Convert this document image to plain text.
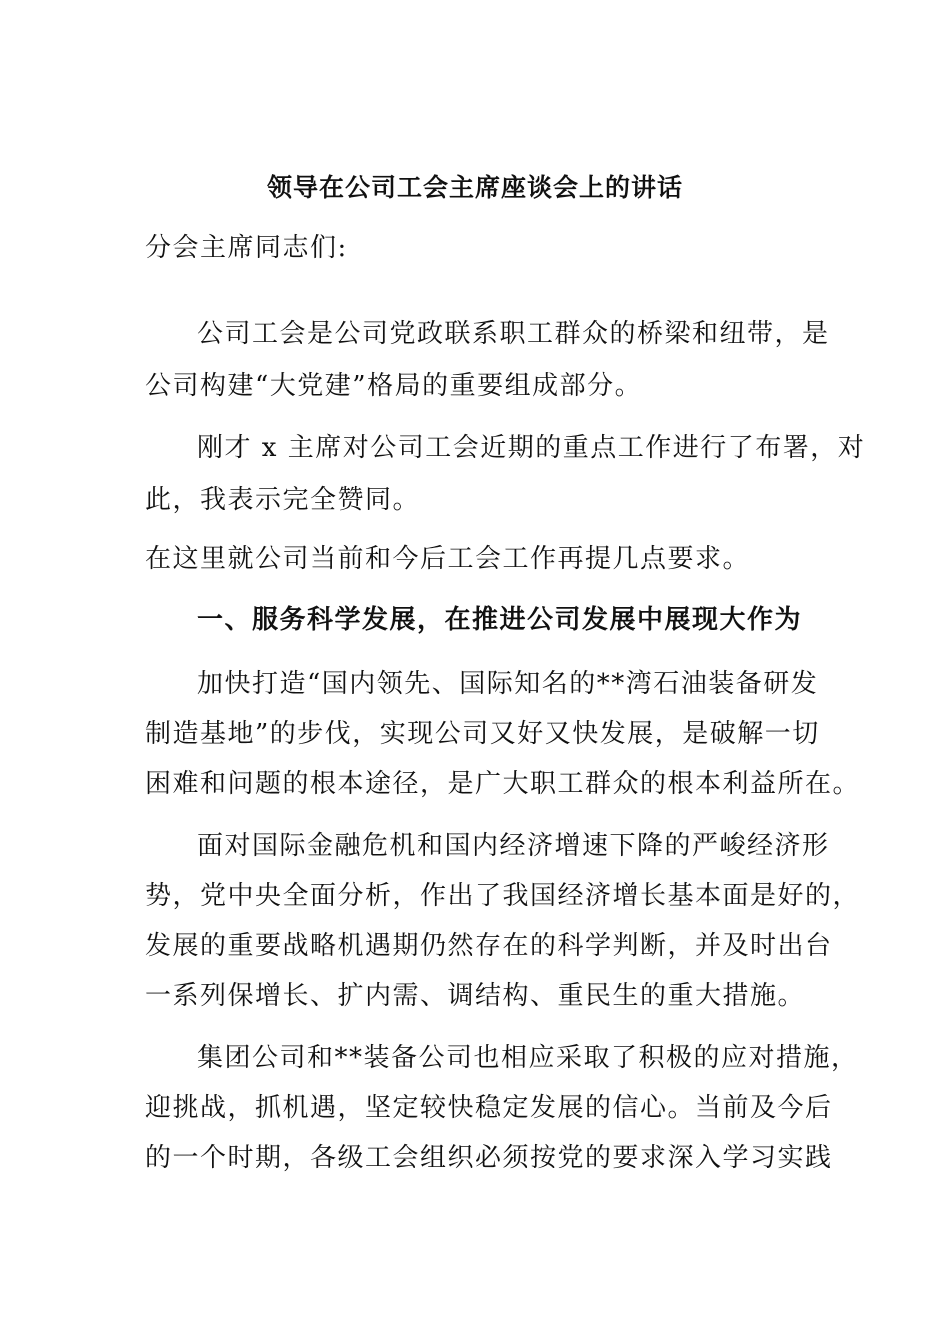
领导在公司工会主席座谈会上的讲话
分会主席同志们:
公司工会是公司党政联系职工群众的桥梁和纽带，是
公司构建“大党建”格局的重要组成部分。
刚才 x 主席对公司工会近期的重点工作进行了布署，对
此，我表示完全赞同。
在这里就公司当前和今后工会工作再提几点要求。
一、服务科学发展，在推进公司发展中展现大作为
加快打造“国内领先、国际知名的**湾石油装备研发
制造基地”的步伐，实现公司又好又快发展，是破解一切
困难和问题的根本途径，是广大职工群众的根本利益所在。
面对国际金融危机和国内经济增速下降的严峻经济形
势，党中央全面分析，作出了我国经济增长基本面是好的，
发展的重要战略机遇期仍然存在的科学判断，并及时出台
一系列保增长、扩内需、调结构、重民生的重大措施。
集团公司和**装备公司也相应采取了积极的应对措施，
迎挑战，抓机遇，坚定较快稳定发展的信心。当前及今后
的一个时期，各级工会组织必须按党的要求深入学习实践
